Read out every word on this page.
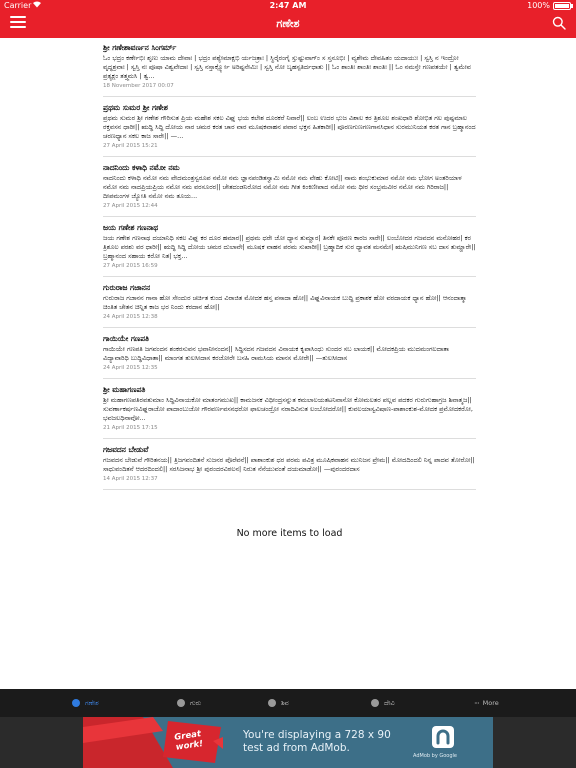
Carrier	2:47 AM	100%
ಗಣೇಶ
ಶ್ರೀ ಗಣೇಶಾವರ್ಣನ ಸಿಂಗರ್ಮ್
ಓಂ ಭದ್ರಂ ಕರ್ಣೇಭಿಃ ಶೃಣು ಯಾಮ ದೇವಾಃ | ಭದ್ರಂ ಪಶ್ಯೇಮಾಕ್ಷಭಿ ರ್ಯಜತ್ರಾಃ | ಸ್ಥಿರೈರಂಗೈ ಸ್ತುಷ್ಟುವಾಗ್ಂ ಸ ಸ್ತನೂಭಿಃ | ವ್ಯಶೇಮ ದೇವಹಿತಂ ಯದಾಯುಃ | ಸ್ವಸ್ತಿ ನ ಇಂದ್ರೋ ವೃದ್ಧಶ್ರವಾಃ | ಸ್ವಸ್ತಿ ನಃ ಪೂಷಾ ವಿಶ್ವವೇದಾಃ | ಸ್ವಸ್ತಿ ನಸ್ತಾರ್ಕ್ಷ್ಯೋ ಅರಿಷ್ಟನೇಮಿಃ | ಸ್ವಸ್ತಿ ನೋ ಬೃಹಸ್ಪತಿರ್ದಧಾತು || ಓಂ ಶಾಂತಿಃ ಶಾಂತಿಃ ಶಾಂತಿಃ || ಓಂ ನಮಸ್ತೇ ಗಣಪತಯೇ | ತ್ವಮೇವ ಪ್ರತ್ಯಕ್ಷಂ ತತ್ತ್ವಮಸಿ | ತ್ವ...
18 November 2017 00:07
ಪ್ರಥಮ ಸುಮರ ಶ್ರೀ ಗಣೇಶ
ಪ್ರಥಮ ಸುಮರ ಶ್ರೀ ಗಣೇಶ ಗೌರಿಸುತ ಪ್ರಿಯ ಮಹೇಶ ಸಕಲ ವಿಘ್ನ ಭಯ ಕಲೇಶ ದೂರಕರೆ ನಿವಾರೆ|| ಲಂಬ ಉದರ ಭುಜ ವಿಶಾಲ ಕರ ತ್ರಿಶೂಲ ಶಂಖಧಾರಿ ಶೋಭಿತ ಗಲ ಪುಷ್ಪಮಾಲ ರಕ್ತವಸನ ಧಾರೀ|| ಋದ್ಧಿ ಸಿದ್ಧಿ ದೋಯ ನಾರ ಚಮರ ಕರತ ಚಾರ ವಾರ ಮೂಷಕವಾಹನ ಪವಾರ ಭಕ್ತನ ಹಿತಕಾರೀ|| ಪೂರಣಗುಣಗಣಗಾನಸಿಧಾನ ಸುರಮುನಿಯತ ಕರತ ಗಾನ ಬ್ರಹ್ಮಾನಂದ ಚರಣಧ್ಯಾನ ಸಕಲ ಕಾಜ ಸಾರೇ|| —...
27 April 2015 15:21
ನಾದನಿಂದು ಕಳಾಧಿ ನಮೋ ನಮ
ನಾದನಿಂದು ಕಳಾಧಿ ನಮೋ ನಮ ವೇದಮಂತ್ರಸ್ವರೂಪ ನಮೋ ನಮ ಜ್ಞಾನಪಂಡಿತಸ್ವಾಮಿ ನಮೋ ನಮ ವೇಹು ಕೋಟಿ|| ನಾಮ ಶಂಭುಕುಮಾರ ನಮೋ ನಮ ಭೋಗ ಅಂತರಿಯಾಳ ನಮೋ ನಮ ನಾದಪ್ರಿಯಪ್ರಿಯ ನಮೋ ನಮ ವರಸೂರರ|| ಚೇತದಂಡನಿರೋದ ನಮೋ ನಮ ಗೀತ ಕಿಂಕಿಣೀಪಾದ ನಮೋ ನಮ ಧೀರ ಸಂಭ್ರಮವೀರ ನಮೋ ನಮ ಗಿರಿರಾಜ|| ದೀಪಮಂಗಳ ಜ್ಯೋತಿ ನಮೋ ನಮ ತೂಯ...
27 April 2015 12:44
ಜಯ ಗಣೇಶ ಗಣನಾಥ
ಜಯ ಗಣೇಶ ಗಣನಾಥ ದಯಾನಿಧಿ ಸಕಲ ವಿಘ್ನ ಕರ ದೂರ ಹಮಾರ|| ಪ್ರಥಮ ಧರೇ ಜೋ ಧ್ಯಾನ ತುಮ್ಹಾರ| ತಿನಕೇ ಪೂರಣ ಕಾರಜ ಸಾರೇ|| ಲಂಬೋದರ ಗಜವದನ ಮನೋಹರ| ಕರ ತ್ರಿಶೂಲ ಪರಶು ವರ ಧಾರೀ|| ಋದ್ಧಿ ಸಿದ್ಧಿ ದೋಯ ಚಮರ ದುಲಾವೇ| ಮೂಷಕ ವಾಹನ ಪರಮ ಸುಖಾರೀ|| ಬ್ರಹ್ಮಾದಿಕ ಸುರ ಧ್ಯಾವತ ಮನಮೇ| ಋಷಿಮುನಿಗಣ ಸಬ ದಾಸ ತುಮ್ಹಾರೇ|| ಬ್ರಹ್ಮಾನಂದ ಸಹಾಯ ಕರೋ ನಿತ| ಭಕ್ತ...
27 April 2015 16:59
ಗುರುರಾಜ ಗಜಾನನ
ಗುರುರಾಜ ಗಜಾನನ ಗಾನಾ ಹೋ ಸೇಂದುರ ಚರ್ಚಿತ ಕುಂದ ವಿರಾಜಿತ ಮೋದಕ ಹಸ್ತ ಪಸಾದಾ ಹೋ|| ವಿಘ್ನವಿನಾಯಕ ಬುದ್ಧಿ ಪ್ರಕಾಶಕ ಹೋ ವರದಾಯಕ ಧ್ಯಾನ ಹೋ|| ಆನಂದಾತ್ಮಾ ಚಿಂತಿತ ಚೇತನ ಚಿನ್ನಿತ ಕಾಜ ಭರ ನಿಂದು ಕರದಾನ ಹೋ||
24 April 2015 12:38
ಗಾಯಿಯೇ ಗಣಪತಿ
ಗಾಯಿಯೇ ಗಣಪತಿ ಜಗವಂದನ ಶಂಕರಸುವನ ಭವಾನೀನಂದನ|| ಸಿದ್ಧಿಸದನ ಗಜವದನ ವಿನಾಯಕ ಕೃಪಾಸಿಂಧು ಸುಂದರ ಸಬ ಲಾಯಕ|| ಮೋದಕಪ್ರಿಯ ಮುದಮಂಗಲದಾತಾ ವಿದ್ಯಾವಾರಿಧಿ ಬುದ್ಧಿವಿಧಾತಾ|| ಮಾಂಗತ ತುಲಸೀದಾಸ ಕರಜೋರೇ ಬಸಹಿ ರಾಮಸಿಯ ಮಾನಸ ಮೋರೇ|| —ತುಲಸೀದಾಸ
24 April 2015 12:35
ಶ್ರೀ ಮಹಾಗಣಪತಿ
ಶ್ರೀ ಮಹಾಗಣಪತಿರವತುಮಾಂ ಸಿದ್ಧಿವಿನಾಯಕೋ ಮಾತಂಗಮುಖ|| ಕಾಮಜನಕ ವಿಧೀಂದ್ರಸನ್ನುತ ಕಮಲಾಲಯತಟನಿವಾಸೋ ಕೋಮಲತರ ಪಲ್ಲವ ಪದಕರ ಗುರುಗುಹಾಗ್ರಜ ಶಿವಾತ್ಮಜ|| ಸುವರ್ಣಾಕರ್ಷಣವಿಘ್ನರಾಜೋ ಪಾದಾಂಬುಜೋ ಗೌರವರ್ಣವಸನಧರೋ ಫಾಲಚಂದ್ರೋ ನರಾದಿವಿನುತ ಲಂಬೋದರೋ|| ಕುವಲಯಾಸ್ವವಿಷಾಣ-ಪಾಶಾಂಕುಶ-ಮೋದಕ ಪ್ರಮೋದಕರೋ, ಭವಜಲಧಿನಾವೋ...
21 April 2015 17:15
ಗಜವದನ ಬೇಡುವೆ
ಗಜವದನ ಬೇಡುವೆ ಗೌರಿತನಯ|| ತ್ರಿಜಗವಂದಿತನೆ ಸುಜನರ ಪೊರೆವನೆ|| ಪಾಶಾಂಕುಶ ಧರ ಪರಮ ಪವಿತ್ರ ಮೂಷಿಕವಾಹನ ಮುನಿಜನ ಪ್ರೇಮ|| ಮೋದದಿಂದಲಿ ನಿನ್ನ ಪಾದವ ತೋರೋ|| ಸಾಧುವಂದಿತನೆ ಆದರದಿಂದಲಿ|| ಸರಸಿಜನಾಭ ಶ್ರೀ ಪುರಂದರವಿಠಲನ| ನಿರುತ ನೆನೆಯುವಂತೆ ದಯಮಾಡೋ|| —ಪುರಂದರದಾಸ
14 April 2015 12:37
No more items to load
ಗಣೇಶ	ಗುರು	ಶಿವ	ದೇವಿ	··· More
Great work!
You're displaying a 728 x 90 test ad from AdMob.
AdMob by Google
